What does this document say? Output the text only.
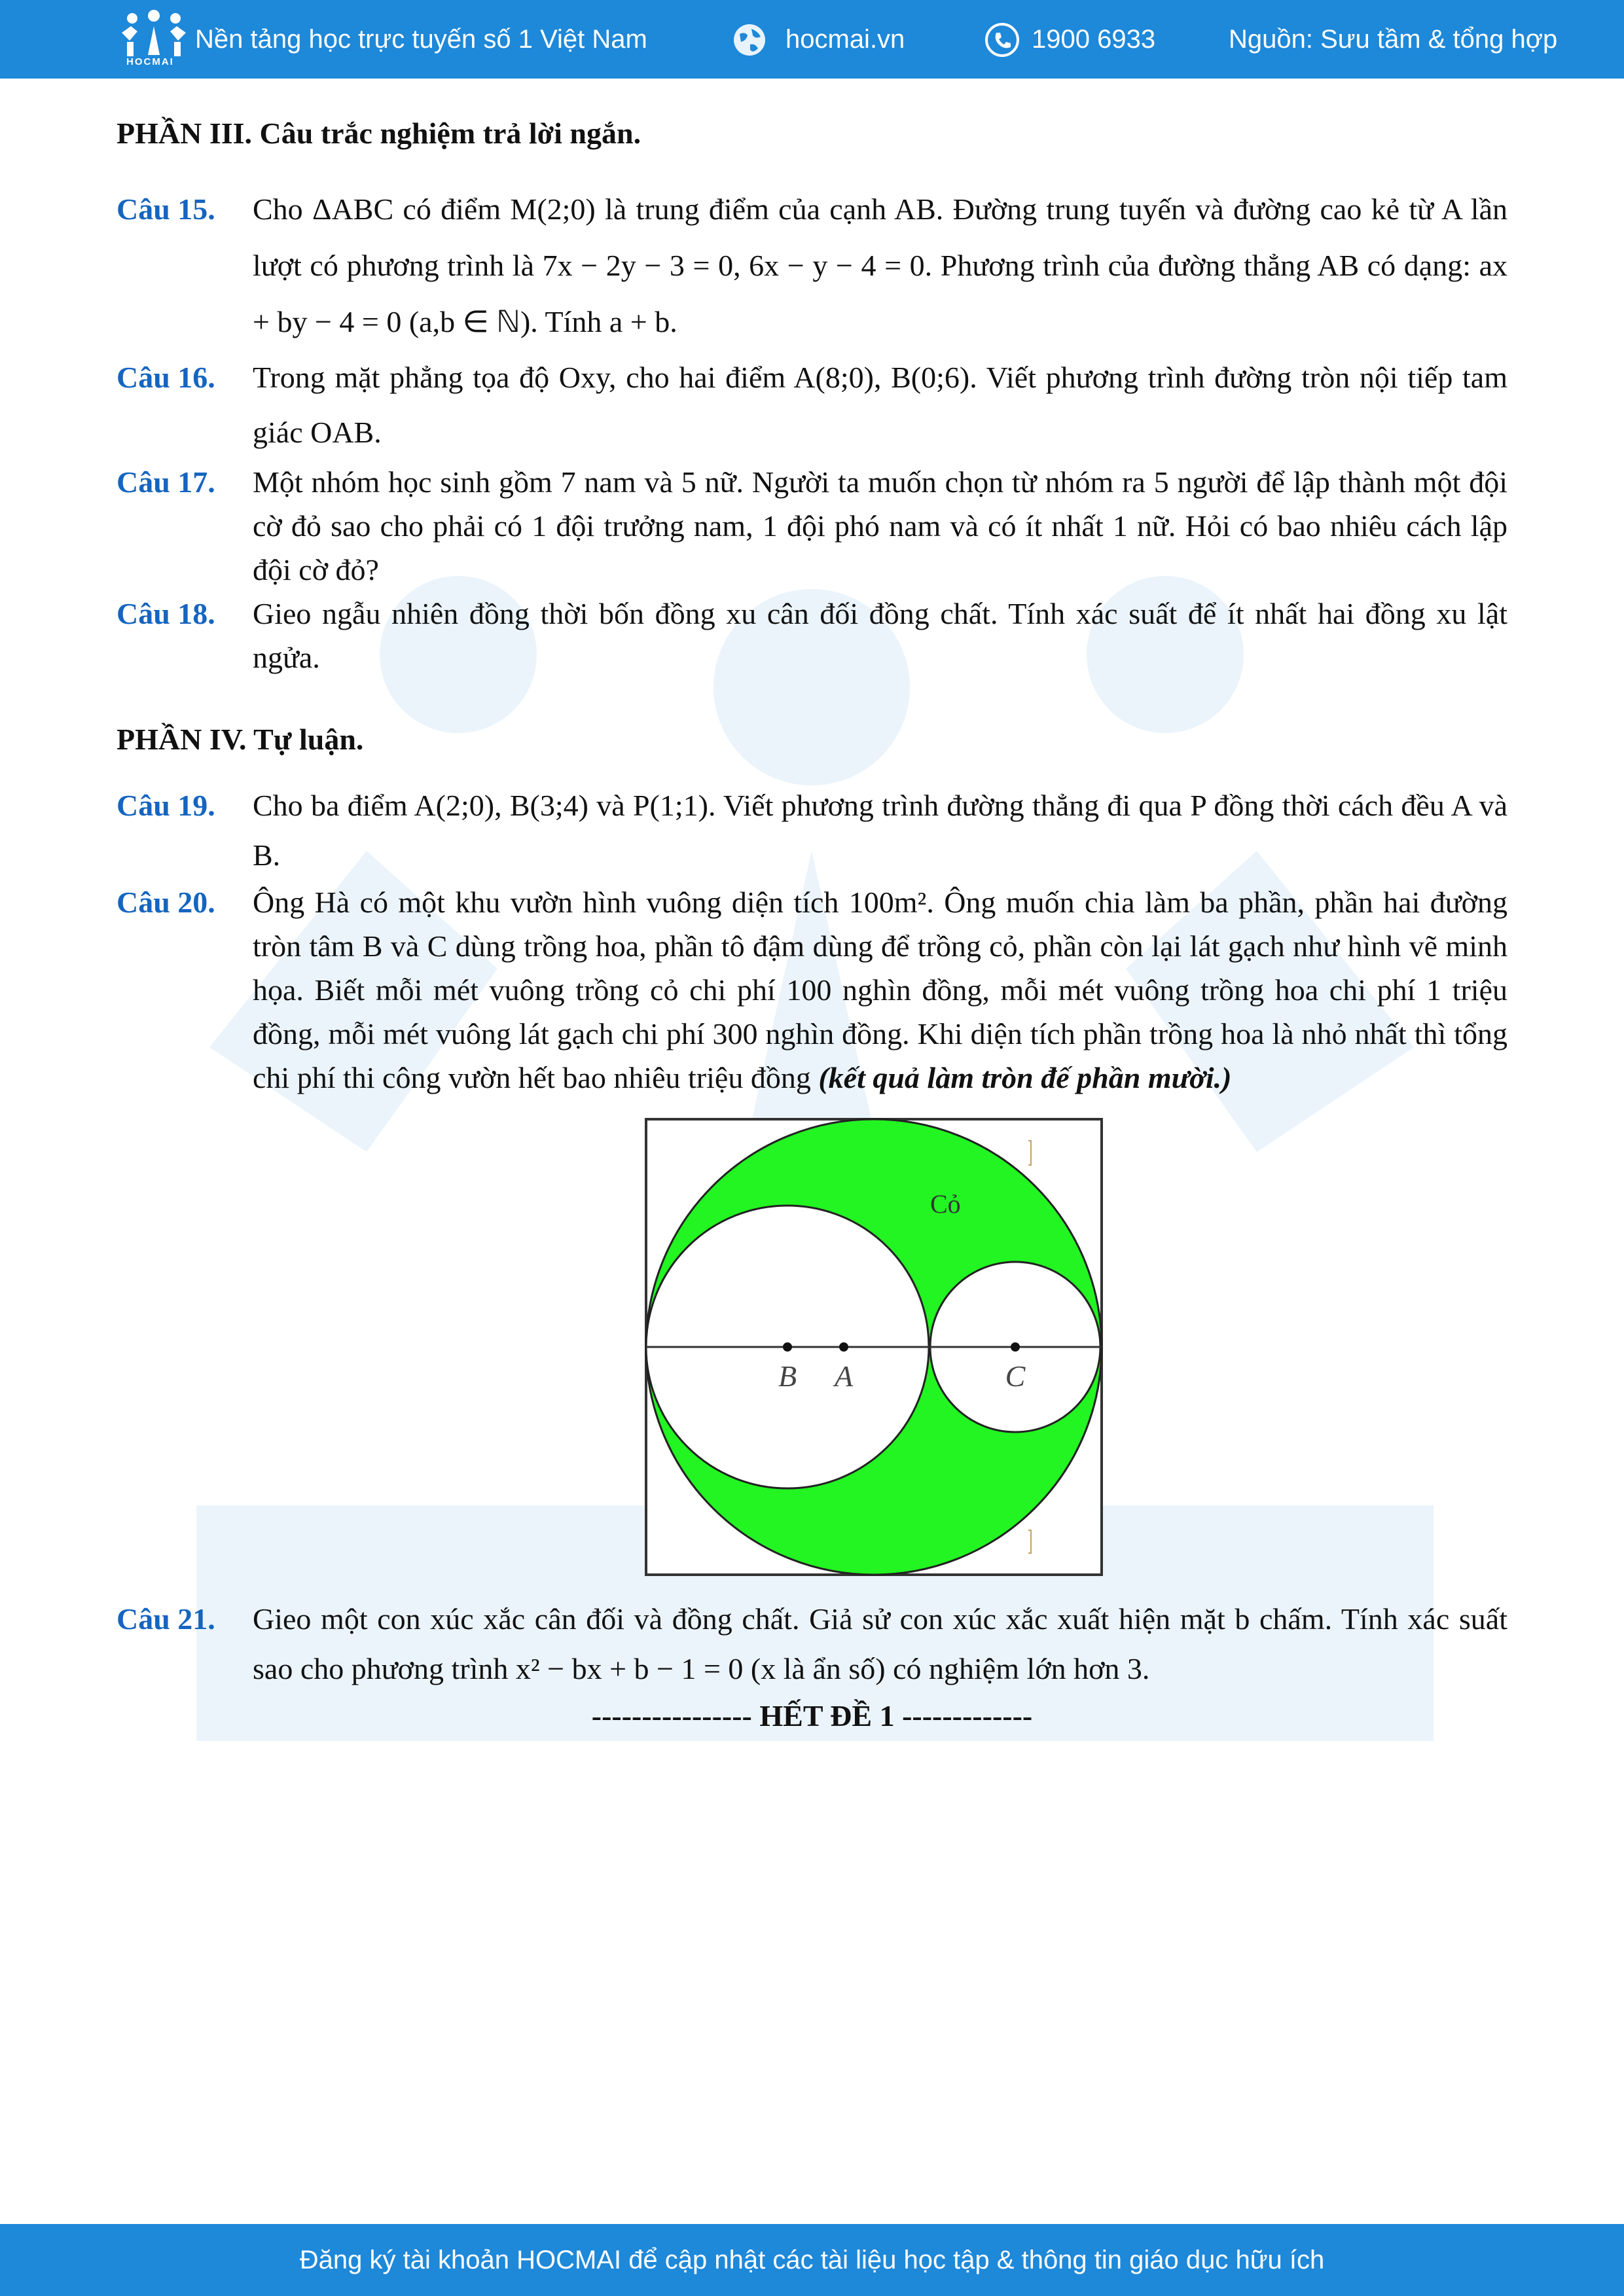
HOCMAI
Nền tảng học trực tuyến số 1 Việt Nam	hocmai.vn	1900 6933	Nguồn: Sưu tầm & tổng hợp

PHẦN III. Câu trắc nghiệm trả lời ngắn.

Câu 15. Cho ΔABC có điểm M(2;0) là trung điểm của cạnh AB. Đường trung tuyến và đường cao kẻ từ A lần lượt có phương trình là 7x − 2y − 3 = 0, 6x − y − 4 = 0. Phương trình của đường thẳng AB có dạng: ax + by − 4 = 0 (a,b ∈ ℕ). Tính a + b.

Câu 16. Trong mặt phẳng tọa độ Oxy, cho hai điểm A(8;0), B(0;6). Viết phương trình đường tròn nội tiếp tam giác OAB.

Câu 17. Một nhóm học sinh gồm 7 nam và 5 nữ. Người ta muốn chọn từ nhóm ra 5 người để lập thành một đội cờ đỏ sao cho phải có 1 đội trưởng nam, 1 đội phó nam và có ít nhất 1 nữ. Hỏi có bao nhiêu cách lập đội cờ đỏ?

Câu 18. Gieo ngẫu nhiên đồng thời bốn đồng xu cân đối đồng chất. Tính xác suất để ít nhất hai đồng xu lật ngửa.

PHẦN IV. Tự luận.

Câu 19. Cho ba điểm A(2;0), B(3;4) và P(1;1). Viết phương trình đường thẳng đi qua P đồng thời cách đều A và B.

Câu 20. Ông Hà có một khu vườn hình vuông diện tích 100m². Ông muốn chia làm ba phần, phần hai đường tròn tâm B và C dùng trồng hoa, phần tô đậm dùng để trồng cỏ, phần còn lại lát gạch như hình vẽ minh họa. Biết mỗi mét vuông trồng cỏ chi phí 100 nghìn đồng, mỗi mét vuông trồng hoa chi phí 1 triệu đồng, mỗi mét vuông lát gạch chi phí 300 nghìn đồng. Khi diện tích phần trồng hoa là nhỏ nhất thì tổng chi phí thi công vườn hết bao nhiêu triệu đồng (kết quả làm tròn đế phần mười.)

B A	C
Cỏ

Câu 21. Gieo một con xúc xắc cân đối và đồng chất. Giả sử con xúc xắc xuất hiện mặt b chấm. Tính xác suất sao cho phương trình x² − bx + b − 1 = 0 (x là ẩn số) có nghiệm lớn hơn 3.

---------------- HẾT ĐỀ 1 -------------

Đăng ký tài khoản HOCMAI để cập nhật các tài liệu học tập & thông tin giáo dục hữu ích
